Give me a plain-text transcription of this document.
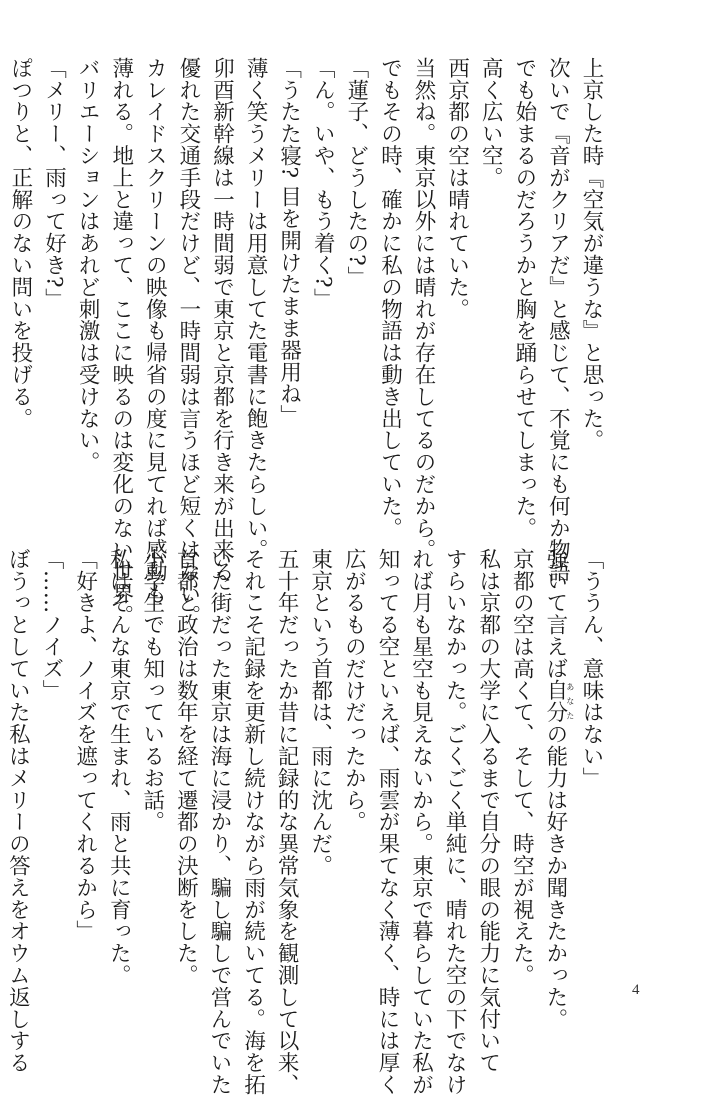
上京した時『空気が違うな』と思った。
次いで『音がクリアだ』と感じて、不覚にも何か物語
でも始まるのだろうかと胸を踊らせてしまった。
高く広い空。
西京都の空は晴れていた。
当然ね。東京以外には晴れが存在してるのだから。
でもその時、確かに私の物語は動き出していた。
「蓮子、どうしたの?」
「ん。いや、もう着く?」
「うたた寝? 目を開けたまま器用ね」
薄く笑うメリーは用意してた電書に飽きたらしい。
卯酉新幹線は一時間弱で東京と京都を行き来が出来る
優れた交通手段だけど、一時間弱は言うほど短くはない。
カレイドスクリーンの映像も帰省の度に見てれば感動も
薄れる。地上と違って、ここに映るのは変化のない世界。
バリエーションはあれど刺激は受けない。
「メリー、雨って好き?」
ぽつりと、正解のない問いを投げる。
「ううん、意味はない」
強いて言えば自分あなたの能力は好きか聞きたかった。
京都の空は高くて、そして、時空が視えた。
私は京都の大学に入るまで自分の眼の能力に気付いて
すらいなかった。ごくごく単純に、晴れた空の下でなけ
れば月も星空も見えないから。東京で暮らしていた私が
知ってる空といえば、雨雲が果てなく薄く、時には厚く
広がるものだけだったから。
東京という首都は、雨に沈んだ。
五十年だったか昔に記録的な異常気象を観測して以来、
それこそ記録を更新し続けながら雨が続いてる。海を拓
いた街だった東京は海に浸かり、騙し騙しで営んでいた
首都と政治は数年を経て遷都の決断をした。
小学生でも知っているお話。
私はそんな東京で生まれ、雨と共に育った。
「好きよ、ノイズを遮ってくれるから」
「……ノイズ」
ぼうっとしていた私はメリーの答えをオウム返しする	4
